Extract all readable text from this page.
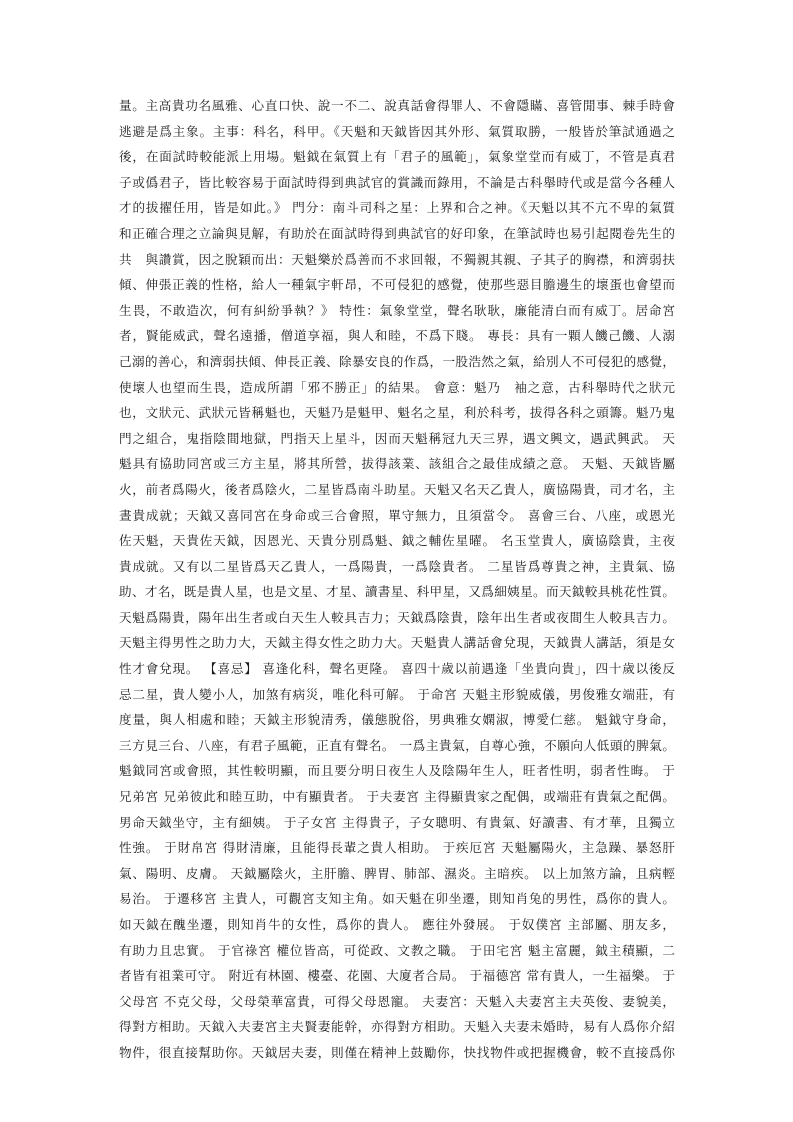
量。主高貴功名風雅、心直口快、說一不二、說真話會得罪人、不會隱瞞、喜管閒事、棘手時會
逃避是爲主象。主事：科名，科甲。《天魁和天鉞皆因其外形、氣質取勝，一般皆於筆試通過之
後，在面試時較能派上用場。魁鉞在氣質上有「君子的風範」，氣象堂堂而有威丁，不管是真君
子或僞君子，皆比較容易于面試時得到典試官的賞識而錄用，不論是古科舉時代或是當今各種人
才的拔擢任用，皆是如此。》 門分：南斗司科之星：上界和合之神。《天魁以其不亢不卑的氣質
和正確合理之立論與見解，有助於在面試時得到典試官的好印象，在筆試時也易引起閱卷先生的
共　與讚賞，因之脫穎而出：天魁樂於爲善而不求回報，不獨親其親、子其子的胸襟，和濟弱扶
傾、伸張正義的性格，給人一種氣宇軒昂，不可侵犯的感覺，使那些惡目膽邊生的壞蛋也會望而
生畏，不敢造次，何有糾紛爭執？》 特性：氣象堂堂，聲名耿耿，廉能清白而有威丁。居命宮
者，賢能威武，聲名遠播，僧道享福，與人和睦，不爲下賤。 專長：具有一顆人饑己饑、人溺
己溺的善心，和濟弱扶傾、伸長正義、除暴安良的作爲，一股浩然之氣，給別人不可侵犯的感覺，
使壞人也望而生畏，造成所謂「邪不勝正」的結果。 會意：魁乃　袖之意，古科舉時代之狀元
也，文狀元、武狀元皆稱魁也，天魁乃是魁甲、魁名之星，利於科考，拔得各科之頭籌。魁乃鬼
門之組合，鬼指陰間地獄，門指天上星斗，因而天魁稱冠九天三界，遇文興文，遇武興武。 天
魁具有協助同宮或三方主星，將其所營，拔得該業、該組合之最佳成績之意。 天魁、天鉞皆屬
火，前者爲陽火，後者爲陰火，二星皆爲南斗助星。天魁又名天乙貴人，廣協陽貴，司才名，主
晝貴成就；天鉞又喜同宮在身命或三合會照，單守無力，且須當令。 喜會三台、八座，或恩光
佐天魁，天貴佐天鉞，因恩光、天貴分別爲魁、鉞之輔佐星曜。 名玉堂貴人，廣協陰貴，主夜
貴成就。又有以二星皆爲天乙貴人，一爲陽貴，一爲陰貴者。 二星皆爲尊貴之神，主貴氣、協
助、才名，既是貴人星，也是文星、才星、讀書星、科甲星，又爲細姨星。而天鉞較具桃花性質。
天魁爲陽貴，陽年出生者或白天生人較具吉力；天鉞爲陰貴，陰年出生者或夜間生人較具吉力。
天魁主得男性之助力大，天鉞主得女性之助力大。天魁貴人講話會兌現，天鉞貴人講話，須是女
性才會兌現。 【喜忌】 喜逢化科，聲名更隆。 喜四十歲以前遇逢「坐貴向貴」，四十歲以後反
忌二星，貴人變小人，加煞有病災，唯化科可解。 于命宮 天魁主形貌威儀，男俊雅女端莊，有
度量，與人相處和睦；天鉞主形貌清秀，儀態脫俗，男典雅女嫻淑，博愛仁慈。 魁鉞守身命，
三方見三台、八座，有君子風範，正直有聲名。 一爲主貴氣，自尊心強，不願向人低頭的脾氣。
魁鉞同宮或會照，其性較明顯，而且要分明日夜生人及陰陽年生人，旺者性明，弱者性晦。 于
兄弟宮 兄弟彼此和睦互助，中有顯貴者。 于夫妻宮 主得顯貴家之配偶，或端莊有貴氣之配偶。
男命天鉞坐守，主有細姨。 于子女宮 主得貴子，子女聰明、有貴氣、好讀書、有才華，且獨立
性強。 于財帛宮 得財清廉，且能得長輩之貴人相助。 于疾厄宮 天魁屬陽火，主急躁、暴怒肝
氣、陽明、皮膚。 天鉞屬陰火，主肝膽、脾胃、肺部、濕炎。主暗疾。 以上加煞方論，且病輕
易治。 于遷移宮 主貴人，可觀宮支知主角。如天魁在卯坐遷，則知肖兔的男性，爲你的貴人。
如天鉞在醜坐遷，則知肖牛的女性，爲你的貴人。 應往外發展。 于奴僕宮 主部屬、朋友多，
有助力且忠實。 于官祿宮 權位皆高，可從政、文教之職。 于田宅宮 魁主富麗，鉞主積顯，二
者皆有祖業可守。 附近有林園、樓臺、花園、大廈者合局。 于福德宮 常有貴人，一生福樂。 于
父母宮 不克父母，父母榮華富貴，可得父母恩寵。 夫妻宮：天魁入夫妻宮主夫英俊、妻貌美，
得對方相助。天鉞入夫妻宮主夫賢妻能幹，亦得對方相助。天魁入夫妻未婚時，易有人爲你介紹
物件，很直接幫助你。天鉞居夫妻，則僅在精神上鼓勵你，快找物件或把握機會，較不直接爲你
